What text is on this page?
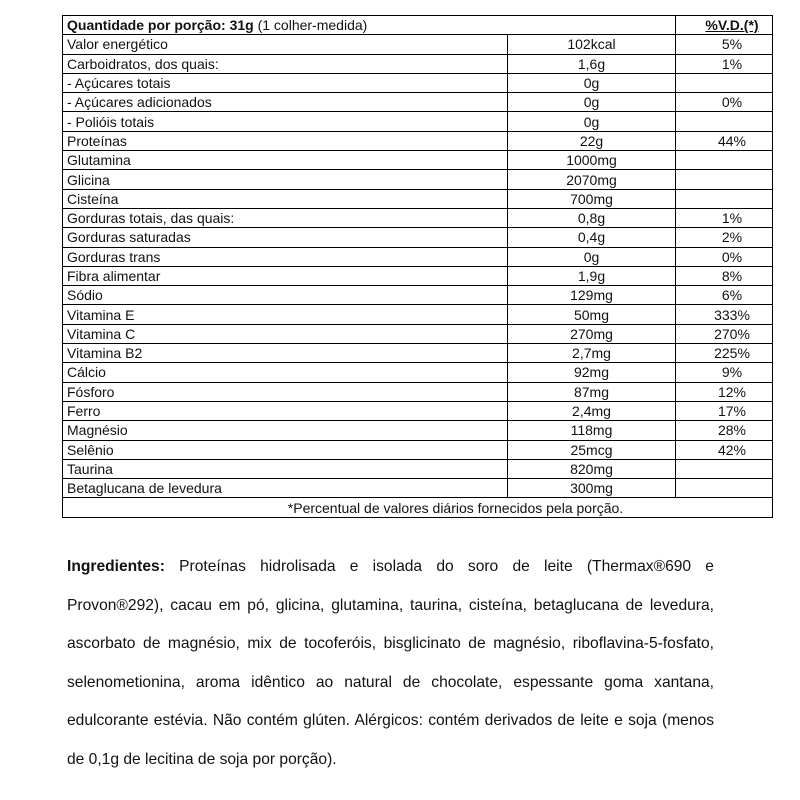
Quantidade por porção: 31g (1 colher-medida)		%V.D.(*)
Valor energético	102kcal	5%
Carboidratos, dos quais:	1,6g	1%
- Açúcares totais	0g	
- Açúcares adicionados	0g	0%
- Polióis totais	0g	
Proteínas	22g	44%
Glutamina	1000mg	
Glicina	2070mg	
Cisteína	700mg	
Gorduras totais, das quais:	0,8g	1%
Gorduras saturadas	0,4g	2%
Gorduras trans	0g	0%
Fibra alimentar	1,9g	8%
Sódio	129mg	6%
Vitamina E	50mg	333%
Vitamina C	270mg	270%
Vitamina B2	2,7mg	225%
Cálcio	92mg	9%
Fósforo	87mg	12%
Ferro	2,4mg	17%
Magnésio	118mg	28%
Selênio	25mcg	42%
Taurina	820mg	
Betaglucana de levedura	300mg	
*Percentual de valores diários fornecidos pela porção.		

Ingredientes: Proteínas hidrolisada e isolada do soro de leite (Thermax®690 e Provon®292), cacau em pó, glicina, glutamina, taurina, cisteína, betaglucana de levedura, ascorbato de magnésio, mix de tocoferóis, bisglicinato de magnésio, riboflavina-5-fosfato, selenometionina, aroma idêntico ao natural de chocolate, espessante goma xantana, edulcorante estévia. Não contém glúten. Alérgicos: contém derivados de leite e soja (menos de 0,1g de lecitina de soja por porção).
